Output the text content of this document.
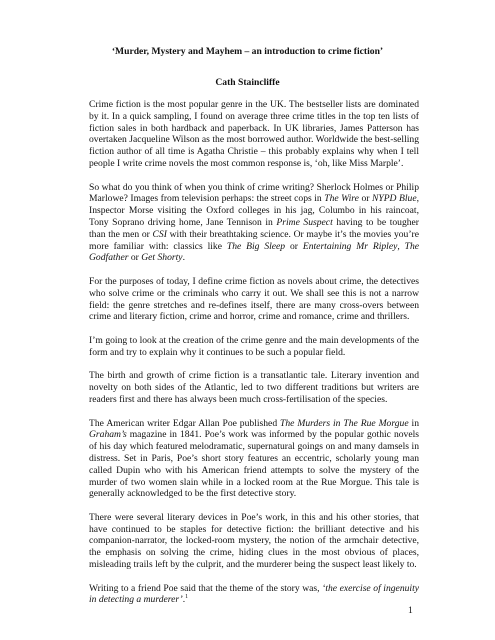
‘Murder, Mystery and Mayhem – an introduction to crime fiction’

Cath Staincliffe

Crime fiction is the most popular genre in the UK. The bestseller lists are dominated by it. In a quick sampling, I found on average three crime titles in the top ten lists of fiction sales in both hardback and paperback. In UK libraries, James Patterson has overtaken Jacqueline Wilson as the most borrowed author. Worldwide the best-selling fiction author of all time is Agatha Christie – this probably explains why when I tell people I write crime novels the most common response is, ‘oh, like Miss Marple’.

So what do you think of when you think of crime writing? Sherlock Holmes or Philip Marlowe? Images from television perhaps: the street cops in The Wire or NYPD Blue, Inspector Morse visiting the Oxford colleges in his jag, Columbo in his raincoat, Tony Soprano driving home, Jane Tennison in Prime Suspect having to be tougher than the men or CSI with their breathtaking science. Or maybe it’s the movies you’re more familiar with: classics like The Big Sleep or Entertaining Mr Ripley, The Godfather or Get Shorty.

For the purposes of today, I define crime fiction as novels about crime, the detectives who solve crime or the criminals who carry it out. We shall see this is not a narrow field: the genre stretches and re-defines itself, there are many cross-overs between crime and literary fiction, crime and horror, crime and romance, crime and thrillers.

I’m going to look at the creation of the crime genre and the main developments of the form and try to explain why it continues to be such a popular field.

The birth and growth of crime fiction is a transatlantic tale. Literary invention and novelty on both sides of the Atlantic, led to two different traditions but writers are readers first and there has always been much cross-fertilisation of the species.

The American writer Edgar Allan Poe published The Murders in The Rue Morgue in Graham’s magazine in 1841. Poe’s work was informed by the popular gothic novels of his day which featured melodramatic, supernatural goings on and many damsels in distress. Set in Paris, Poe’s short story features an eccentric, scholarly young man called Dupin who with his American friend attempts to solve the mystery of the murder of two women slain while in a locked room at the Rue Morgue. This tale is generally acknowledged to be the first detective story.

There were several literary devices in Poe’s work, in this and his other stories, that have continued to be staples for detective fiction: the brilliant detective and his companion-narrator, the locked-room mystery, the notion of the armchair detective, the emphasis on solving the crime, hiding clues in the most obvious of places, misleading trails left by the culprit, and the murderer being the suspect least likely to.

Writing to a friend Poe said that the theme of the story was, ‘the exercise of ingenuity in detecting a murderer’.$^1$

1
